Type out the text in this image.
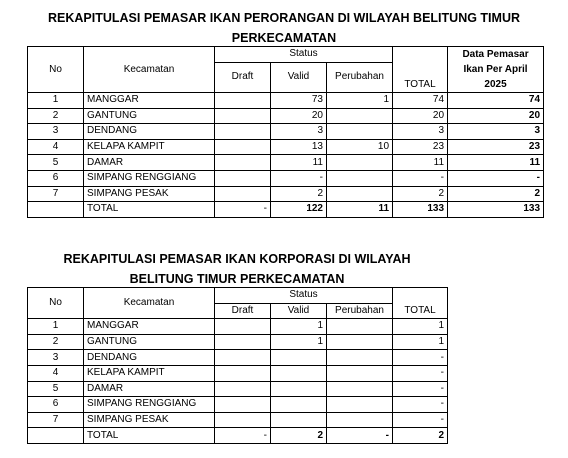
REKAPITULASI PEMASAR IKAN PERORANGAN DI WILAYAH BELITUNG TIMUR
PERKECAMATAN
No	Kecamatan	Status				Data Pemasar
Ikan Per April
2025

		Draft	Valid	Perubahan	TOTAL	

1	MANGGAR		73	1	74	74
2	GANTUNG		20		20	20
3	DENDANG		3		3	3
4	KELAPA KAMPIT		13	10	23	23
5	DAMAR		11		11	11
6	SIMPANG RENGGIANG		-		-	-
7	SIMPANG PESAK		2		2	2
	TOTAL	-	122	11	133	133
REKAPITULASI PEMASAR IKAN KORPORASI DI WILAYAH
BELITUNG TIMUR PERKECAMATAN
No	Kecamatan	Status			
		Draft	Valid	Perubahan	TOTAL
1	MANGGAR		1		1
2	GANTUNG		1		1
3	DENDANG				-
4	KELAPA KAMPIT				-
5	DAMAR				-
6	SIMPANG RENGGIANG				-
7	SIMPANG PESAK				-
	TOTAL	-	2	-	2
